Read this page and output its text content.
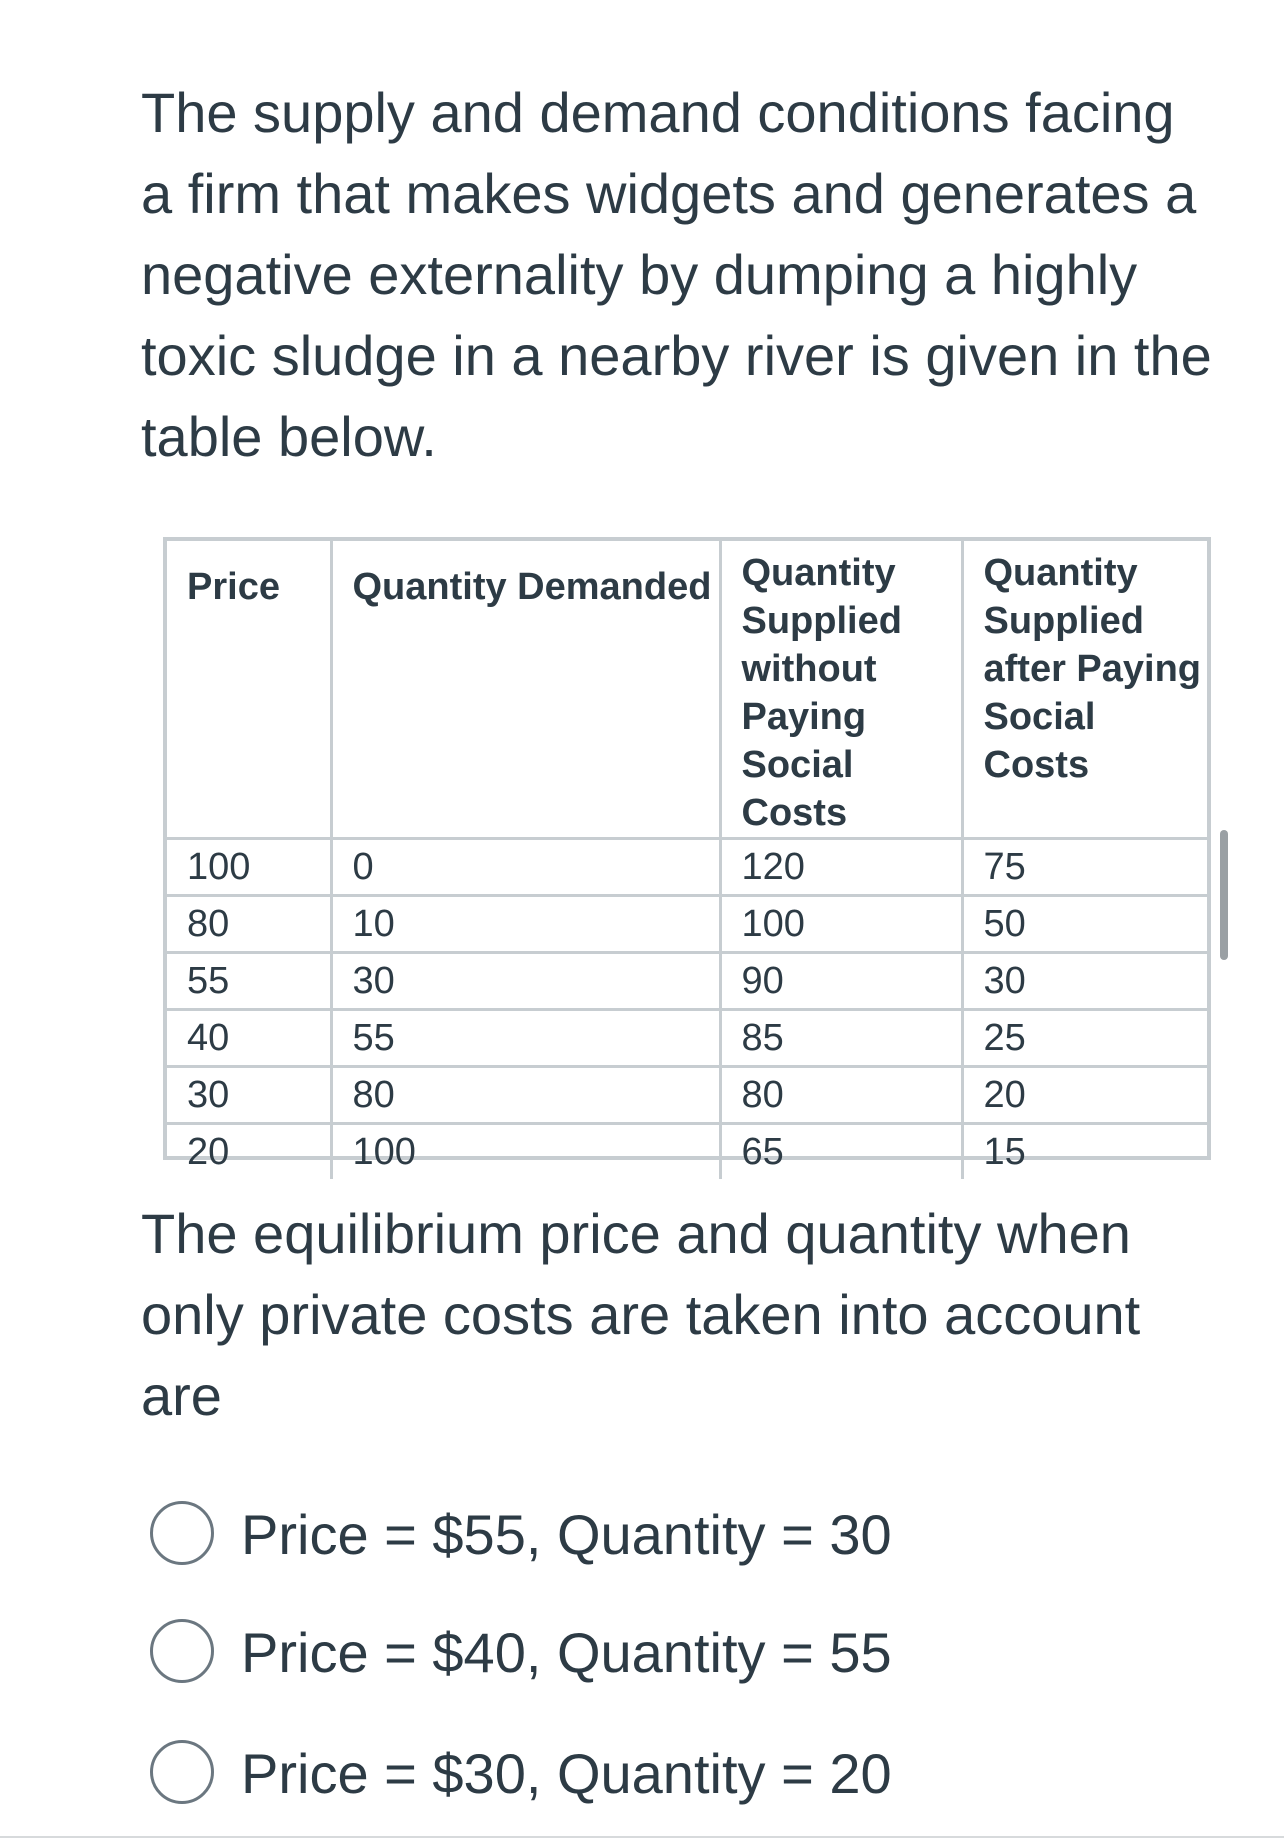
The supply and demand conditions facing a firm that makes widgets and generates a negative externality by dumping a highly toxic sludge in a nearby river is given in the table below.

Price	Quantity Demanded	Quantity Supplied without Paying Social Costs	Quantity Supplied after Paying Social Costs
100	0	120	75
80	10	100	50
55	30	90	30
40	55	85	25
30	80	80	20
20	100	65	15

The equilibrium price and quantity when only private costs are taken into account are

Price = $55, Quantity = 30
Price = $40, Quantity = 55
Price = $30, Quantity = 20
